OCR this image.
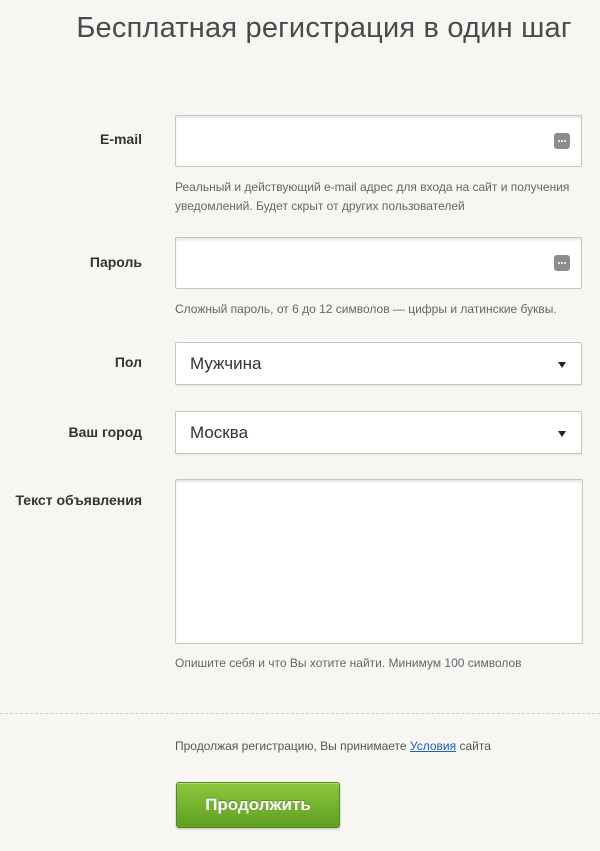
Бесплатная регистрация в один шаг
E-mail
Реальный и действующий e-mail адрес для входа на сайт и получения уведомлений. Будет скрыт от других пользователей
Пароль
Сложный пароль, от 6 до 12 символов — цифры и латинские буквы.
Пол	Мужчина
Ваш город	Москва
Текст объявления
Опишите себя и что Вы хотите найти. Минимум 100 символов
Продолжая регистрацию, Вы принимаете Условия сайта
Продолжить
